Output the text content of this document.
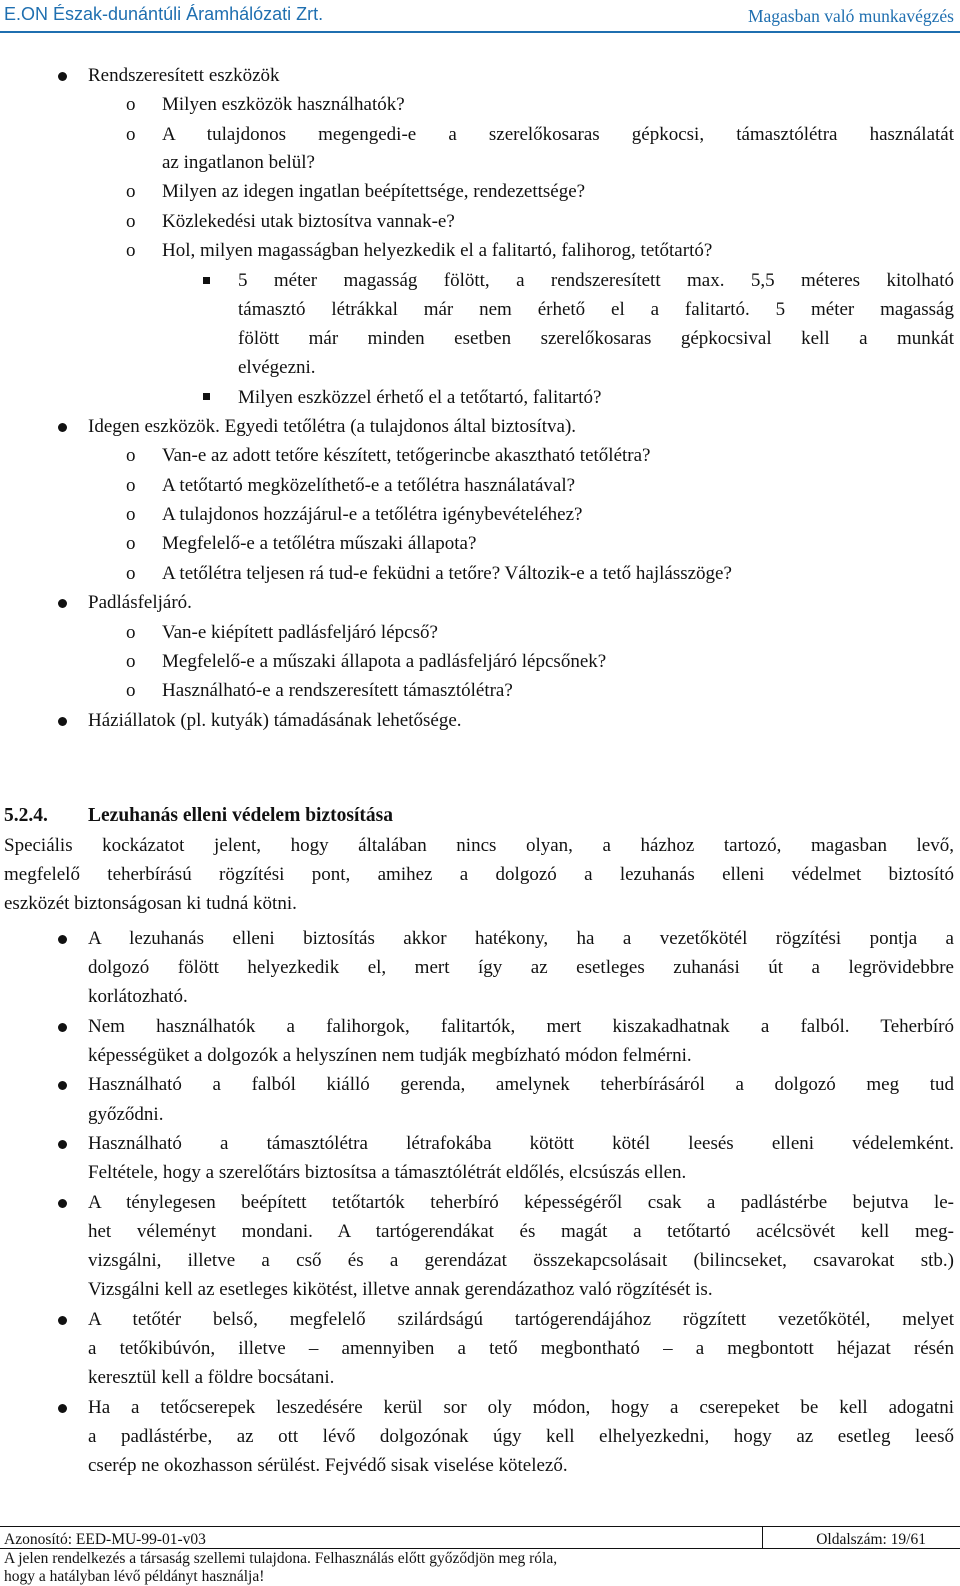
E.ON Észak-dunántúli Áramhálózati Zrt.	Magasban való munkavégzés
Rendszeresített eszközök
o Milyen eszközök használhatók?
o A tulajdonos megengedi-e a szerelőkosaras gépkocsi, támasztólétra használatát
az ingatlanon belül?
o Milyen az idegen ingatlan beépítettsége, rendezettsége?
o Közlekedési utak biztosítva vannak-e?
o Hol, milyen magasságban helyezkedik el a falitartó, falihorog, tetőtartó?
5 méter magasság fölött, a rendszeresített max. 5,5 méteres kitolható
támasztó létrákkal már nem érhető el a falitartó. 5 méter magasság
fölött már minden esetben szerelőkosaras gépkocsival kell a munkát
elvégezni.
Milyen eszközzel érhető el a tetőtartó, falitartó?
Idegen eszközök. Egyedi tetőlétra (a tulajdonos által biztosítva).
o Van-e az adott tetőre készített, tetőgerincbe akasztható tetőlétra?
o A tetőtartó megközelíthető-e a tetőlétra használatával?
o A tulajdonos hozzájárul-e a tetőlétra igénybevételéhez?
o Megfelelő-e a tetőlétra műszaki állapota?
o A tetőlétra teljesen rá tud-e feküdni a tetőre? Változik-e a tető hajlásszöge?
Padlásfeljáró.
o Van-e kiépített padlásfeljáró lépcső?
o Megfelelő-e a műszaki állapota a padlásfeljáró lépcsőnek?
o Használható-e a rendszeresített támasztólétra?
Háziállatok (pl. kutyák) támadásának lehetősége.
5.2.4. Lezuhanás elleni védelem biztosítása
Speciális kockázatot jelent, hogy általában nincs olyan, a házhoz tartozó, magasban levő,
megfelelő teherbírású rögzítési pont, amihez a dolgozó a lezuhanás elleni védelmet biztosító
eszközét biztonságosan ki tudná kötni.
A lezuhanás elleni biztosítás akkor hatékony, ha a vezetőkötél rögzítési pontja a
dolgozó fölött helyezkedik el, mert így az esetleges zuhanási út a legrövidebbre
korlátozható.
Nem használhatók a falihorgok, falitartók, mert kiszakadhatnak a falból. Teherbíró
képességüket a dolgozók a helyszínen nem tudják megbízható módon felmérni.
Használható a falból kiálló gerenda, amelynek teherbírásáról a dolgozó meg tud
győződni.
Használható a támasztólétra létrafokába kötött kötél leesés elleni védelemként.
Feltétele, hogy a szerelőtárs biztosítsa a támasztólétrát eldőlés, elcsúszás ellen.
A ténylegesen beépített tetőtartók teherbíró képességéről csak a padlástérbe bejutva le-
het véleményt mondani. A tartógerendákat és magát a tetőtartó acélcsövét kell meg-
vizsgálni, illetve a cső és a gerendázat összekapcsolásait (bilincseket, csavarokat stb.)
Vizsgálni kell az esetleges kikötést, illetve annak gerendázathoz való rögzítését is.
A tetőtér belső, megfelelő szilárdságú tartógerendájához rögzített vezetőkötél, melyet
a tetőkibúvón, illetve – amennyiben a tető megbontható – a megbontott héjazat résén
keresztül kell a földre bocsátani.
Ha a tetőcserepek leszedésére kerül sor oly módon, hogy a cserepeket be kell adogatni
a padlástérbe, az ott lévő dolgozónak úgy kell elhelyezkedni, hogy az esetleg leeső
cserép ne okozhasson sérülést. Fejvédő sisak viselése kötelező.
Azonosító: EED-MU-99-01-v03	Oldalszám: 19/61
A jelen rendelkezés a társaság szellemi tulajdona. Felhasználás előtt győződjön meg róla,
hogy a hatályban lévő példányt használja!
